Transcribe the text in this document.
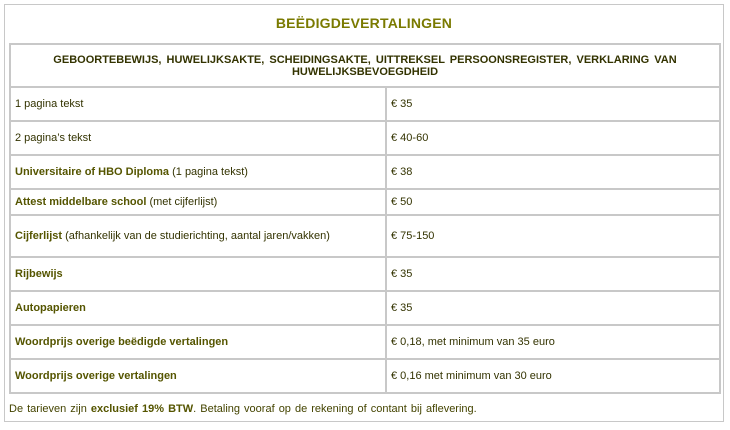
BEËDIGDEVERTALINGEN
GEBOORTEBEWIJS, HUWELIJKSAKTE, SCHEIDINGSAKTE, UITTREKSEL PERSOONSREGISTER, VERKLARING VAN HUWELIJKSBEVOEGDHEID	
1 pagina tekst	€ 35
2 pagina’s tekst	€ 40-60
Universitaire of HBO Diploma (1 pagina tekst)	€ 38
Attest middelbare school (met cijferlijst)	€ 50
Cijferlijst (afhankelijk van de studierichting, aantal jaren/vakken)	€ 75-150
Rijbewijs	€ 35
Autopapieren	€ 35
Woordprijs overige beëdigde vertalingen	€ 0,18, met minimum van 35 euro
Woordprijs overige vertalingen	€ 0,16 met minimum van 30 euro
De tarieven zijn exclusief 19% BTW. Betaling vooraf op de rekening of contant bij aflevering.
